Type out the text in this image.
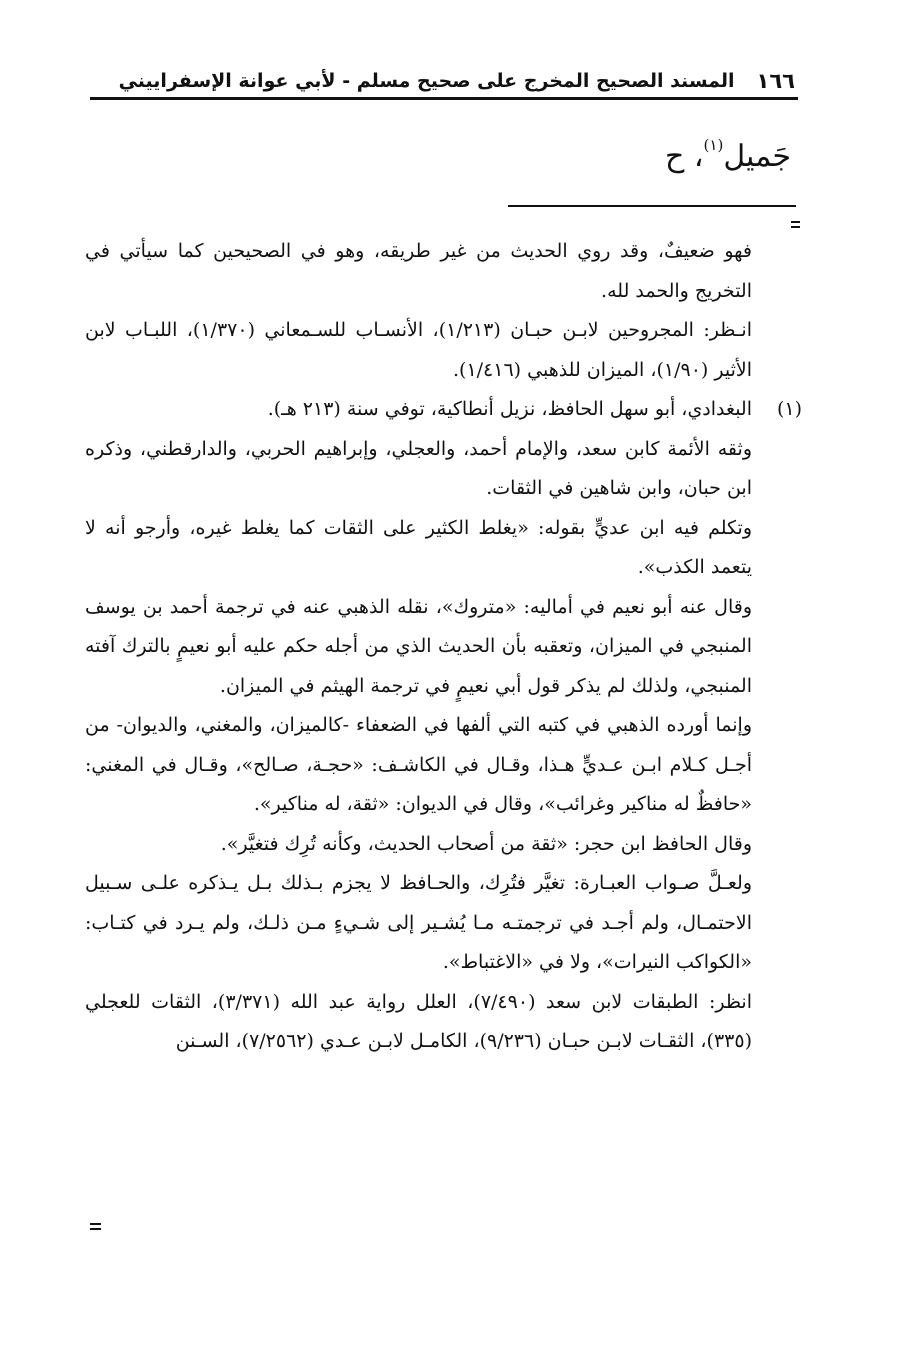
١٦٦
المسند الصحيح المخرج على صحيح مسلم - لأبي عوانة الإسفراييني
جَميل$^{(١)}$، ح

فهو ضعيفٌ، وقد روي الحديث من غير طريقه، وهو في الصحيحين كما سيأتي في التخريج والحمد لله.

انـظر: المجروحين لابـن حبـان (١/٢١٣)، الأنسـاب للسـمعاني (١/٣٧٠)، اللبـاب لابن الأثير (١/٩٠)، الميزان للذهبي (١/٤١٦).

(١)
البغدادي، أبو سهل الحافظ، نزيل أنطاكية، توفي سنة (٢١٣ هـ).

وثقه الأئمة كابن سعد، والإمام أحمد، والعجلي، وإبراهيم الحربي، والدارقطني، وذكره ابن حبان، وابن شاهين في الثقات.

وتكلم فيه ابن عديٍّ بقوله: «يغلط الكثير على الثقات كما يغلط غيره، وأرجو أنه لا يتعمد الكذب».

وقال عنه أبو نعيم في أماليه: «متروك»، نقله الذهبي عنه في ترجمة أحمد بن يوسف المنبجي في الميزان، وتعقبه بأن الحديث الذي من أجله حكم عليه أبو نعيمٍ بالترك آفته المنبجي، ولذلك لم يذكر قول أبي نعيمٍ في ترجمة الهيثم في الميزان.

وإنما أورده الذهبي في كتبه التي ألفها في الضعفاء -كالميزان، والمغني، والديوان- من أجـل كـلام ابـن عـديٍّ هـذا، وقـال في الكاشـف: «حجـة، صـالح»، وقـال في المغني: «حافظٌ له مناكير وغرائب»، وقال في الديوان: «ثقة، له مناكير».

وقال الحافظ ابن حجر: «ثقة من أصحاب الحديث، وكأنه تُرِك فتغيَّر».

ولعـلَّ صـواب العبـارة: تغيَّر فتُرِك، والحـافظ لا يجزم بـذلك بـل يـذكره علـى سـبيل الاحتمـال، ولم أجـد في ترجمتـه مـا يُشـير إلى شـيءٍ مـن ذلـك، ولم يـرد في كتـاب: «الكواكب النيرات»، ولا في «الاغتباط».

انظر: الطبقات لابن سعد (٧/٤٩٠)، العلل رواية عبد الله (٣/٣٧١)، الثقات للعجلي (٣٣٥)، الثقـات لابـن حبـان (٩/٢٣٦)، الكامـل لابـن عـدي (٧/٢٥٦٢)، السـنن
